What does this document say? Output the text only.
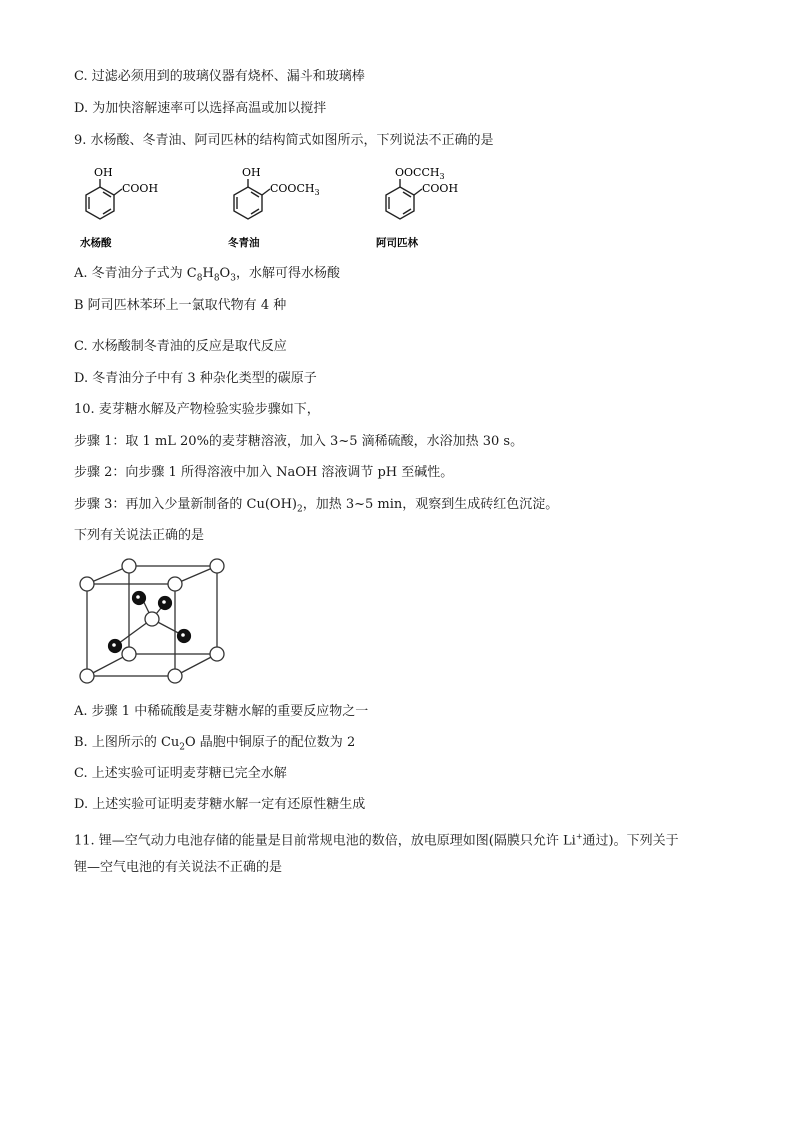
C. 过滤必须用到的玻璃仪器有烧杯、漏斗和玻璃棒
D. 为加快溶解速率可以选择高温或加以搅拌
9. 水杨酸、冬青油、阿司匹林的结构简式如图所示，下列说法不正确的是
OH
COOH
水杨酸
OH
$COOCH_3$
冬青油
$OOCCH_3$
COOH
阿司匹林
A. 冬青油分子式为 $C_8H_8O_3$，水解可得水杨酸
B 阿司匹林苯环上一氯取代物有 4 种
C. 水杨酸制冬青油的反应是取代反应
D. 冬青油分子中有 3 种杂化类型的碳原子
10. 麦芽糖水解及产物检验实验步骤如下，
步骤 1：取 1 mL 20%的麦芽糖溶液，加入 3~5 滴稀硫酸，水浴加热 30 s。
步骤 2：向步骤 1 所得溶液中加入 NaOH 溶液调节 pH 至碱性。
步骤 3：再加入少量新制备的 $Cu(OH)_2$，加热 3~5 min，观察到生成砖红色沉淀。
下列有关说法正确的是
A. 步骤 1 中稀硫酸是麦芽糖水解的重要反应物之一
B. 上图所示的 $Cu_2O$ 晶胞中铜原子的配位数为 2
C. 上述实验可证明麦芽糖已完全水解
D. 上述实验可证明麦芽糖水解一定有还原性糖生成
11. 锂—空气动力电池存储的能量是目前常规电池的数倍，放电原理如图(隔膜只允许 Li+通过)。下列关于
锂—空气电池的有关说法不正确的是
